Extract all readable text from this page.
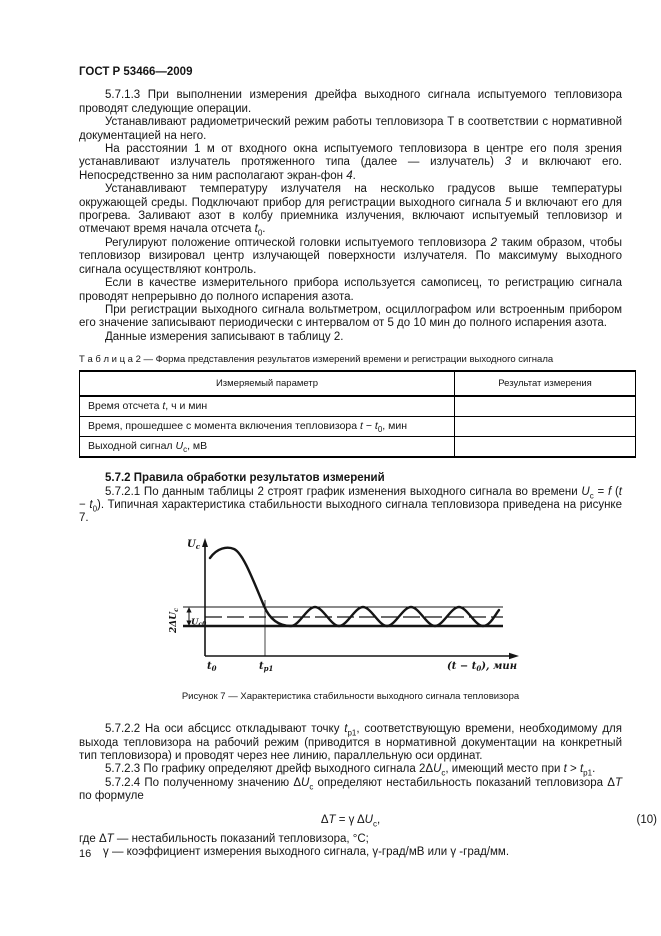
ГОСТ Р 53466—2009

5.7.1.3 При выполнении измерения дрейфа выходного сигнала испытуемого тепловизора проводят следующие операции.

Устанавливают радиометрический режим работы тепловизора Т в соответствии с нормативной документацией на него.

На расстоянии 1 м от входного окна испытуемого тепловизора в центре его поля зрения устанавливают излучатель протяженного типа (далее — излучатель) 3 и включают его. Непосредственно за ним располагают экран-фон 4.

Устанавливают температуру излучателя на несколько градусов выше температуры окружающей среды. Подключают прибор для регистрации выходного сигнала 5 и включают его для прогрева. Заливают азот в колбу приемника излучения, включают испытуемый тепловизор и отмечают время начала отсчета $t_0$.

Регулируют положение оптической головки испытуемого тепловизора 2 таким образом, чтобы тепловизор визировал центр излучающей поверхности излучателя. По максимуму выходного сигнала осуществляют контроль.

Если в качестве измерительного прибора используется самописец, то регистрацию сигнала проводят непрерывно до полного испарения азота.

При регистрации выходного сигнала вольтметром, осциллографом или встроенным прибором его значение записывают периодически с интервалом от 5 до 10 мин до полного испарения азота.

Данные измерения записывают в таблицу 2.

Т а б л и ц а 2 — Форма представления результатов измерений времени и регистрации выходного сигнала
Измеряемый параметр	Результат измерения
Время отсчета t, ч и мин	
Время, прошедшее с момента включения тепловизора $t - t_0$, мин	
Выходной сигнал $U_с$, мВ	

5.7.2 Правила обработки результатов измерений

5.7.2.1 По данным таблицы 2 строят график изменения выходного сигнала во времени $U_с = f$ $(t - t_0)$. Типичная характеристика стабильности выходного сигнала тепловизора приведена на рисунке 7.

$U_с$
$2\Delta U_с$
Uс0
$t_0$	$t_{р1}$	$(t - t_0)$, мин
Рисунок 7 — Характеристика стабильности выходного сигнала тепловизора

5.7.2.2 На оси абсцисс откладывают точку $t_{р1}$, соответствующую времени, необходимому для выхода тепловизора на рабочий режим (приводится в нормативной документации на конкретный тип тепловизора) и проводят через нее линию, параллельную оси ординат.

5.7.2.3 По графику определяют дрейф выходного сигнала $2\Delta U_с$, имеющий место при $t > t_{р1}$.

5.7.2.4 По полученному значению $\Delta U_с$ определяют нестабильность показаний тепловизора ΔT по формуле

ΔT = γ $\Delta U_с$,	(10)

где ΔT — нестабильность показаний тепловизора, °С;

γ — коэффициент измерения выходного сигнала, γ-град/мВ или γ -град/мм.

16
